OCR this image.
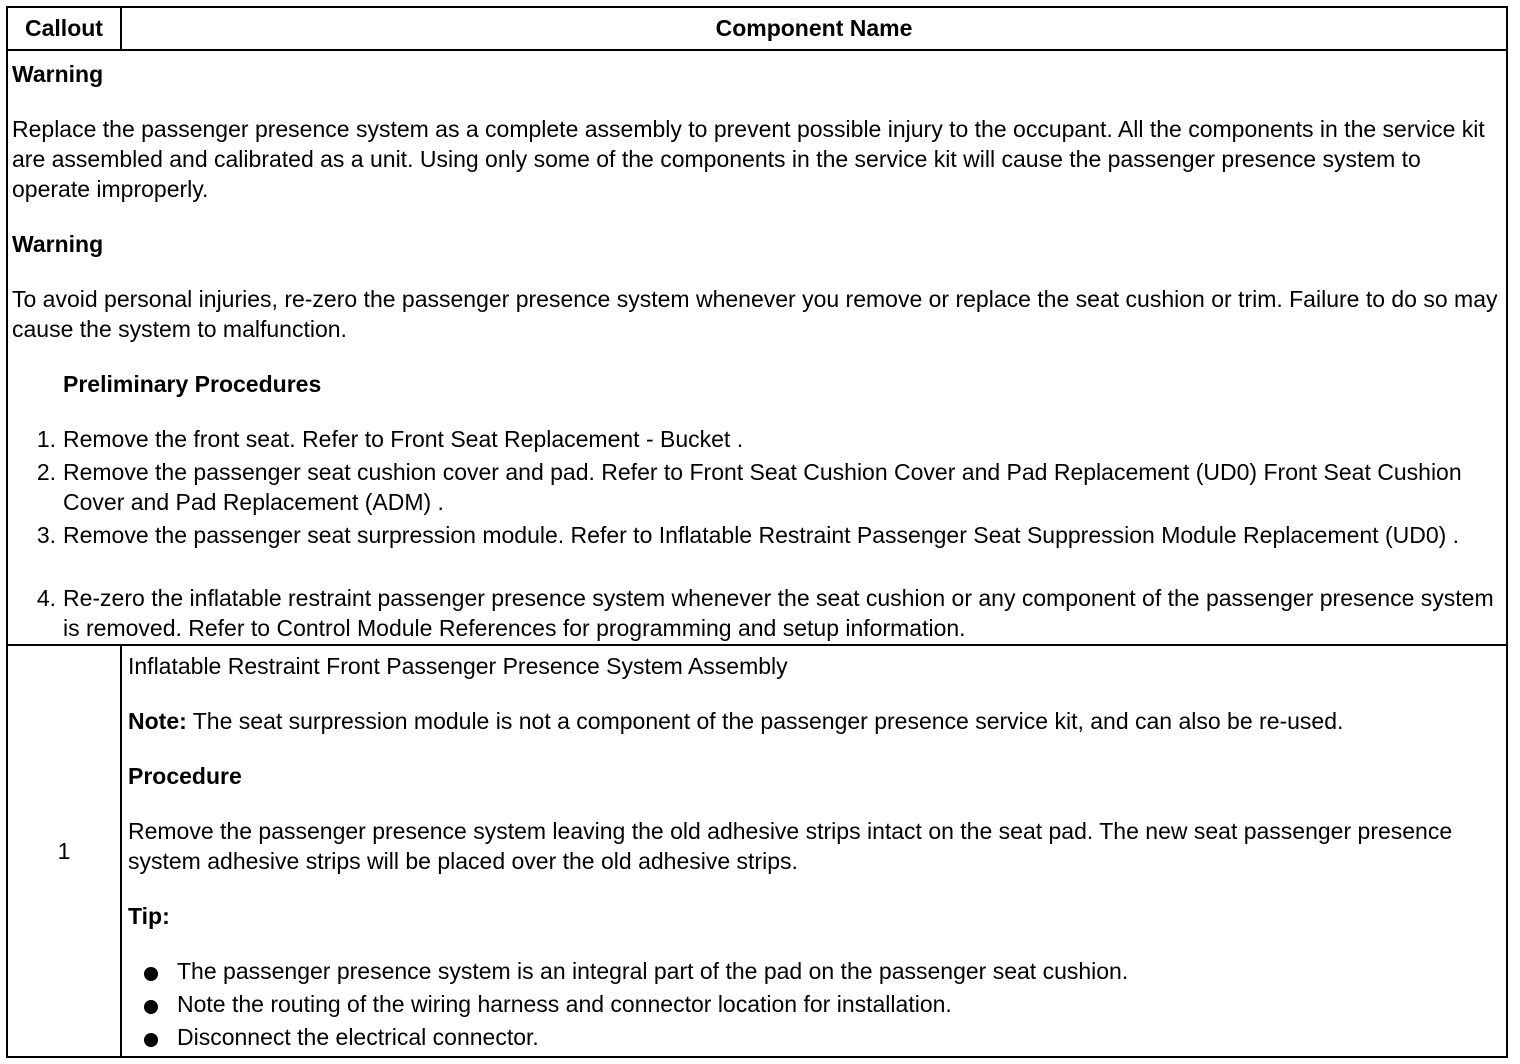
Callout	Component Name
Warning
Replace the passenger presence system as a complete assembly to prevent possible injury to the occupant. All the components in the service kit are assembled and calibrated as a unit. Using only some of the components in the service kit will cause the passenger presence system to operate improperly.
Warning
To avoid personal injuries, re-zero the passenger presence system whenever you remove or replace the seat cushion or trim. Failure to do so may cause the system to malfunction.
Preliminary Procedures
1. Remove the front seat. Refer to Front Seat Replacement - Bucket .
2. Remove the passenger seat cushion cover and pad. Refer to Front Seat Cushion Cover and Pad Replacement (UD0) Front Seat Cushion Cover and Pad Replacement (ADM) .
3. Remove the passenger seat surpression module. Refer to Inflatable Restraint Passenger Seat Suppression Module Replacement (UD0) .
4. Re-zero the inflatable restraint passenger presence system whenever the seat cushion or any component of the passenger presence system is removed. Refer to Control Module References for programming and setup information.
1
Inflatable Restraint Front Passenger Presence System Assembly
Note: The seat surpression module is not a component of the passenger presence service kit, and can also be re-used.
Procedure
Remove the passenger presence system leaving the old adhesive strips intact on the seat pad. The new seat passenger presence system adhesive strips will be placed over the old adhesive strips.
Tip:
The passenger presence system is an integral part of the pad on the passenger seat cushion.
Note the routing of the wiring harness and connector location for installation.
Disconnect the electrical connector.
